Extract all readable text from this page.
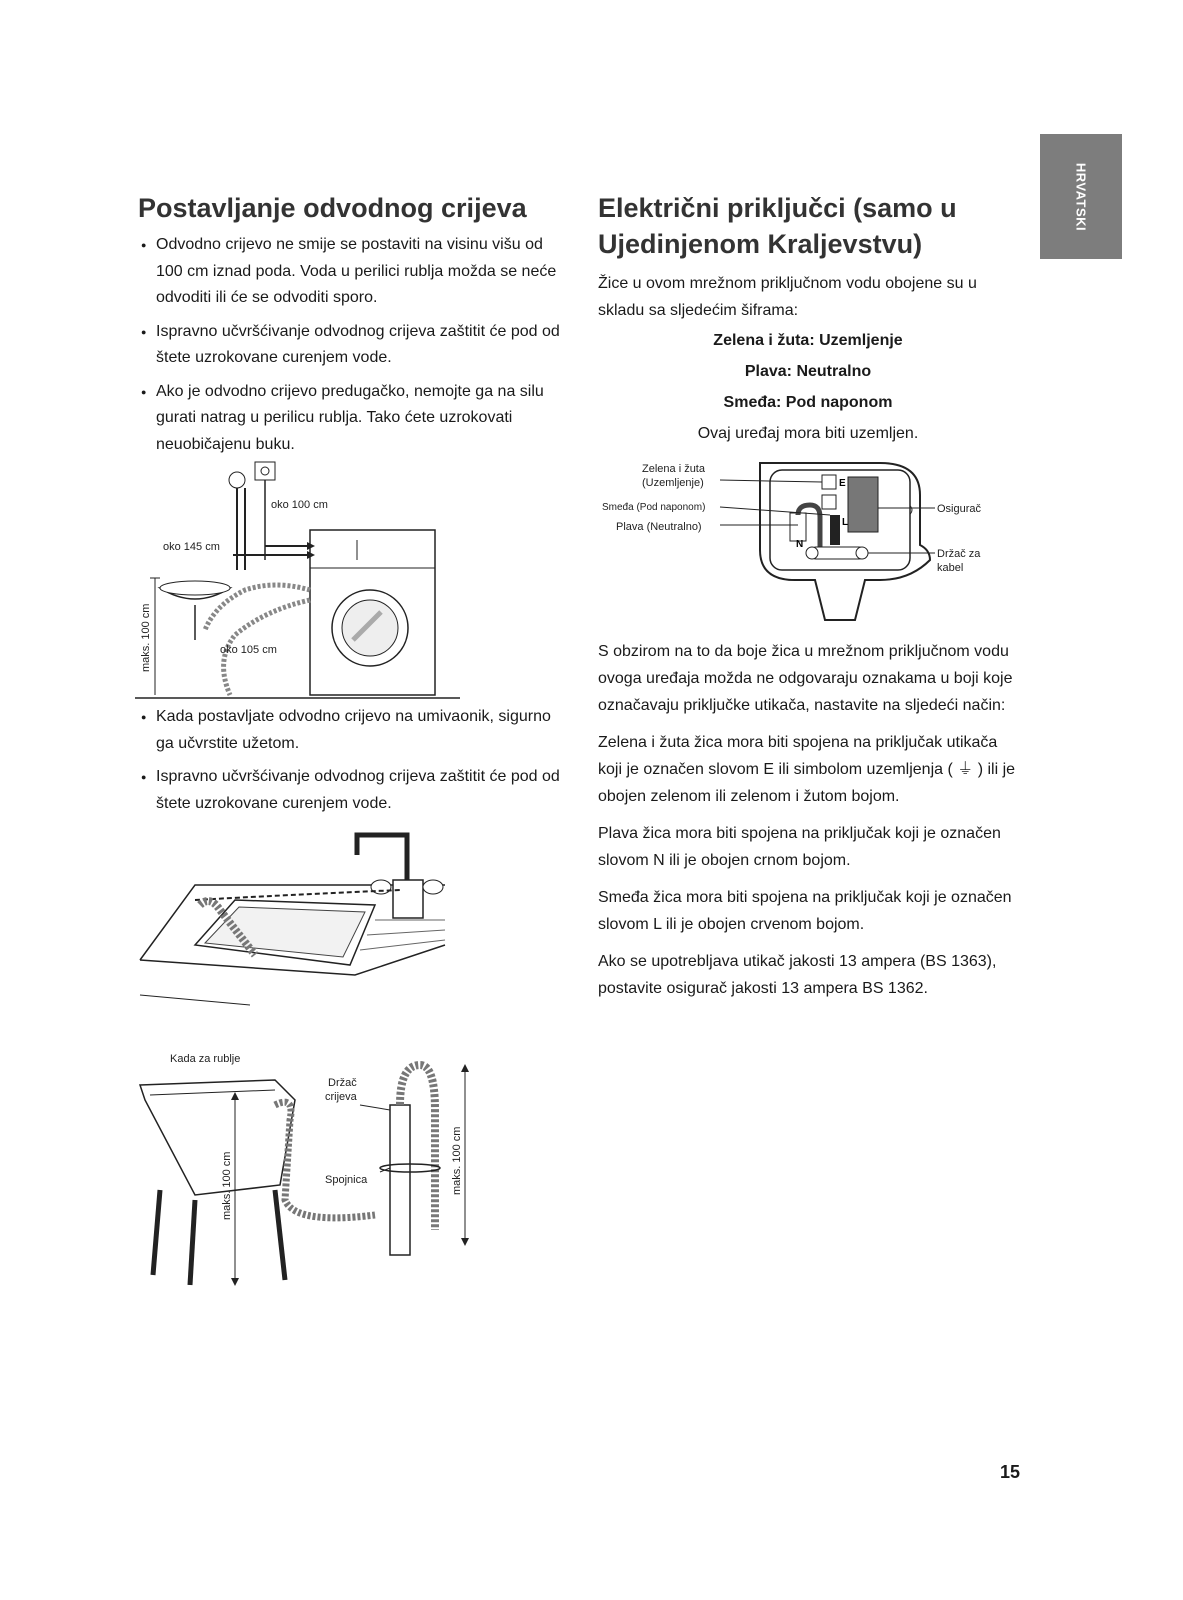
HRVATSKI
Postavljanje odvodnog crijeva
● Odvodno crijevo ne smije se postaviti na visinu višu od 100 cm iznad poda. Voda u perilici rublja možda se neće odvoditi ili će se odvoditi sporo.
● Ispravno učvršćivanje odvodnog crijeva zaštitit će pod od štete uzrokovane curenjem vode.
● Ako je odvodno crijevo predugačko, nemojte ga na silu gurati natrag u perilicu rublja. Tako ćete uzrokovati neuobičajenu buku.
oko 100 cm
oko 145 cm
oko 105 cm
maks. 100 cm
● Kada postavljate odvodno crijevo na umivaonik, sigurno ga učvrstite užetom.
● Ispravno učvršćivanje odvodnog crijeva zaštitit će pod od štete uzrokovane curenjem vode.
Kada za rublje
Držač
crijeva
Spojnica
maks. 100 cm	maks. 100 cm
Električni priključci (samo u
Ujedinjenom Kraljevstvu)

Žice u ovom mrežnom priključnom vodu obojene su u skladu sa sljedećim šiframa:

Zelena i žuta: Uzemljenje
Plava: Neutralno
Smeđa: Pod naponom
Ovaj uređaj mora biti uzemljen.
E
L
N
Zelena i žuta
(Uzemljenje)
Smeđa (Pod naponom)
Plava (Neutralno)
Osigurač
Držač za
kabel

S obzirom na to da boje žica u mrežnom priključnom vodu ovoga uređaja možda ne odgovaraju oznakama u boji koje označavaju priključke utikača, nastavite na sljedeći način:

Zelena i žuta žica mora biti spojena na priključak utikača koji je označen slovom E ili simbolom uzemljenja ( ⏚ ) ili je obojen zelenom ili zelenom i žutom bojom.

Plava žica mora biti spojena na priključak koji je označen slovom N ili je obojen crnom bojom.

Smeđa žica mora biti spojena na priključak koji je označen slovom L ili je obojen crvenom bojom.

Ako se upotrebljava utikač jakosti 13 ampera (BS 1363), postavite osigurač jakosti 13 ampera BS 1362.

15
